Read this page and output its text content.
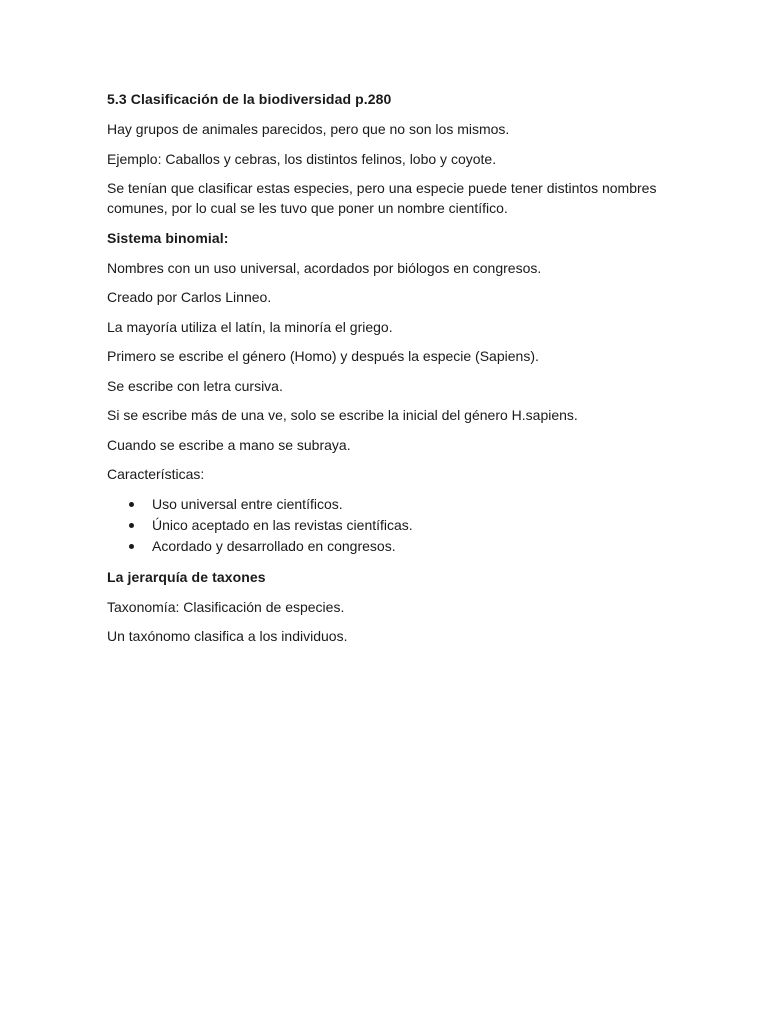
5.3 Clasificación de la biodiversidad p.280
Hay grupos de animales parecidos, pero que no son los mismos.
Ejemplo: Caballos y cebras, los distintos felinos, lobo y coyote.
Se tenían que clasificar estas especies, pero una especie puede tener distintos nombres comunes, por lo cual se les tuvo que poner un nombre científico.
Sistema binomial:
Nombres con un uso universal, acordados por biólogos en congresos.
Creado por Carlos Linneo.
La mayoría utiliza el latín, la minoría el griego.
Primero se escribe el género (Homo) y después la especie (Sapiens).
Se escribe con letra cursiva.
Si se escribe más de una ve, solo se escribe la inicial del género H.sapiens.
Cuando se escribe a mano se subraya.
Características:
Uso universal entre científicos.
Único aceptado en las revistas científicas.
Acordado y desarrollado en congresos.
La jerarquía de taxones
Taxonomía: Clasificación de especies.
Un taxónomo clasifica a los individuos.
